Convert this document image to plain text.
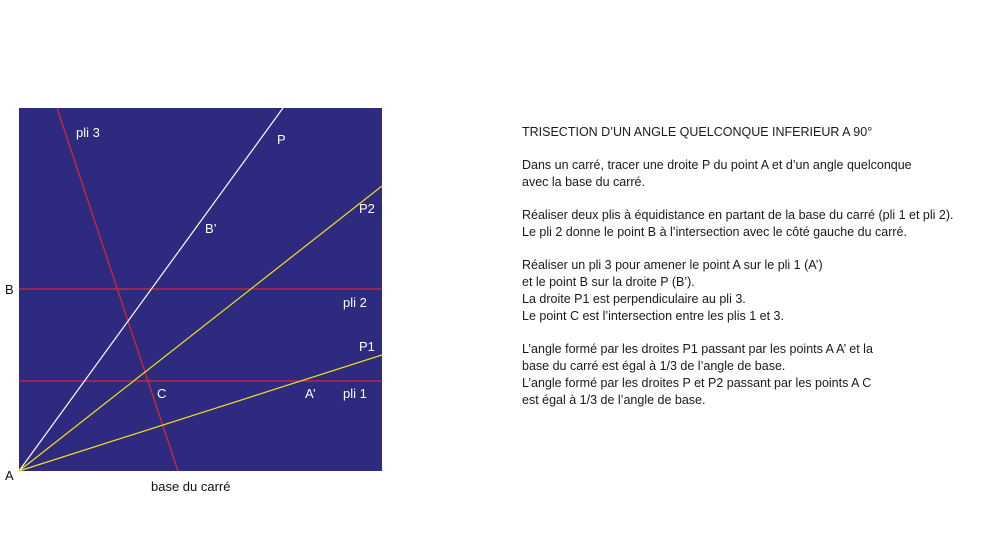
pli 3	P
B’
P2
pli 2
P1
C	A’ pli 1
B
A
base du carré

TRISECTION D’UN ANGLE QUELCONQUE INFERIEUR A 90°

Dans un carré, tracer une droite P du point A et d’un angle quelconque
avec la base du carré.

Réaliser deux plis à équidistance en partant de la base du carré (pli 1 et pli 2).
Le pli 2 donne le point B à l’intersection avec le côté gauche du carré.

Réaliser un pli 3 pour amener le point A sur le pli 1 (A’)
et le point B sur la droite P (B’).
La droite P1 est perpendiculaire au pli 3.
Le point C est l’intersection entre les plis 1 et 3.

L’angle formé par les droites P1 passant par les points A A’ et la
base du carré est égal à 1/3 de l’angle de base.
L’angle formé par les droites P et P2 passant par les points A C
est égal à 1/3 de l’angle de base.
